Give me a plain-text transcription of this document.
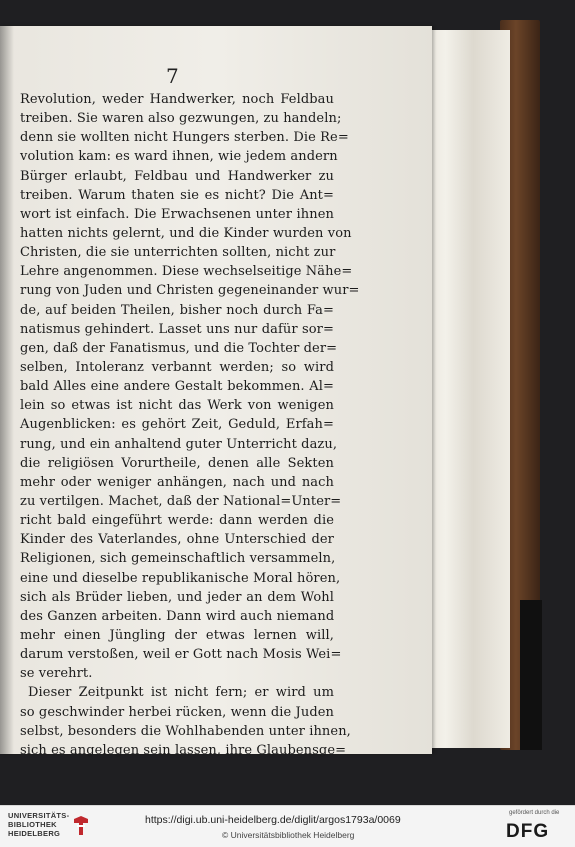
7
Revolution, weder Handwerker, noch Feldbau
treiben. Sie waren also gezwungen, zu handeln;
denn sie wollten nicht Hungers sterben. Die Re=
volution kam: es ward ihnen, wie jedem andern
Bürger erlaubt, Feldbau und Handwerker zu
treiben. Warum thaten sie es nicht? Die Ant=
wort ist einfach. Die Erwachsenen unter ihnen
hatten nichts gelernt, und die Kinder wurden von
Christen, die sie unterrichten sollten, nicht zur
Lehre angenommen. Diese wechselseitige Nähe=
rung von Juden und Christen gegeneinander wur=
de, auf beiden Theilen, bisher noch durch Fa=
natismus gehindert. Lasset uns nur dafür sor=
gen, daß der Fanatismus, und die Tochter der=
selben, Intoleranz verbannt werden; so wird
bald Alles eine andere Gestalt bekommen. Al=
lein so etwas ist nicht das Werk von wenigen
Augenblicken: es gehört Zeit, Geduld, Erfah=
rung, und ein anhaltend guter Unterricht dazu,
die religiösen Vorurtheile, denen alle Sekten
mehr oder weniger anhängen, nach und nach
zu vertilgen. Machet, daß der National=Unter=
richt bald eingeführt werde: dann werden die
Kinder des Vaterlandes, ohne Unterschied der
Religionen, sich gemeinschaftlich versammeln,
eine und dieselbe republikanische Moral hören,
sich als Brüder lieben, und jeder an dem Wohl
des Ganzen arbeiten. Dann wird auch niemand
mehr einen Jüngling der etwas lernen will,
darum verstoßen, weil er Gott nach Mosis Wei=
se verehrt.
Dieser Zeitpunkt ist nicht fern; er wird um
so geschwinder herbei rücken, wenn die Juden
selbst, besonders die Wohlhabenden unter ihnen,
sich es angelegen sein lassen, ihre Glaubensge=
UNIVERSITÄTS-
BIBLIOTHEK
HEIDELBERG
https://digi.ub.uni-heidelberg.de/diglit/argos1793a/0069
© Universitätsbibliothek Heidelberg
gefördert durch die
DFG
